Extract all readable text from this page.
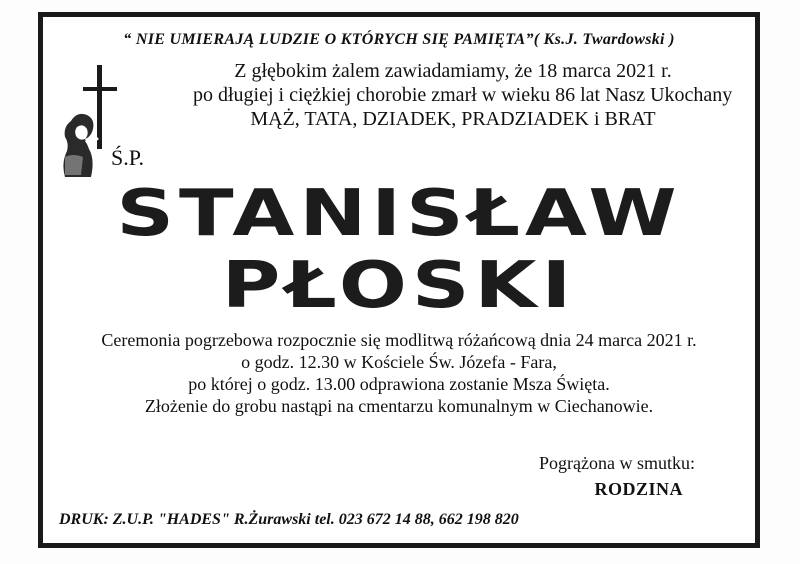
“ NIE UMIERAJĄ LUDZIE O KTÓRYCH SIĘ PAMIĘTA”( Ks.J. Twardowski )
Ś.P.
Z głębokim żalem zawiadamiamy, że 18 marca 2021 r.
po długiej i ciężkiej chorobie zmarł w wieku 86 lat Nasz Ukochany
MĄŻ, TATA, DZIADEK, PRADZIADEK i BRAT
STANISŁAW
PŁOSKI
Ceremonia pogrzebowa rozpocznie się modlitwą różańcową dnia 24 marca 2021 r.
o godz. 12.30 w Kościele Św. Józefa - Fara,
po której o godz. 13.00 odprawiona zostanie Msza Święta.
Złożenie do grobu nastąpi na cmentarzu komunalnym w Ciechanowie.
Pogrążona w smutku:
RODZINA
DRUK: Z.U.P. "HADES" R.Żurawski tel. 023 672 14 88, 662 198 820
